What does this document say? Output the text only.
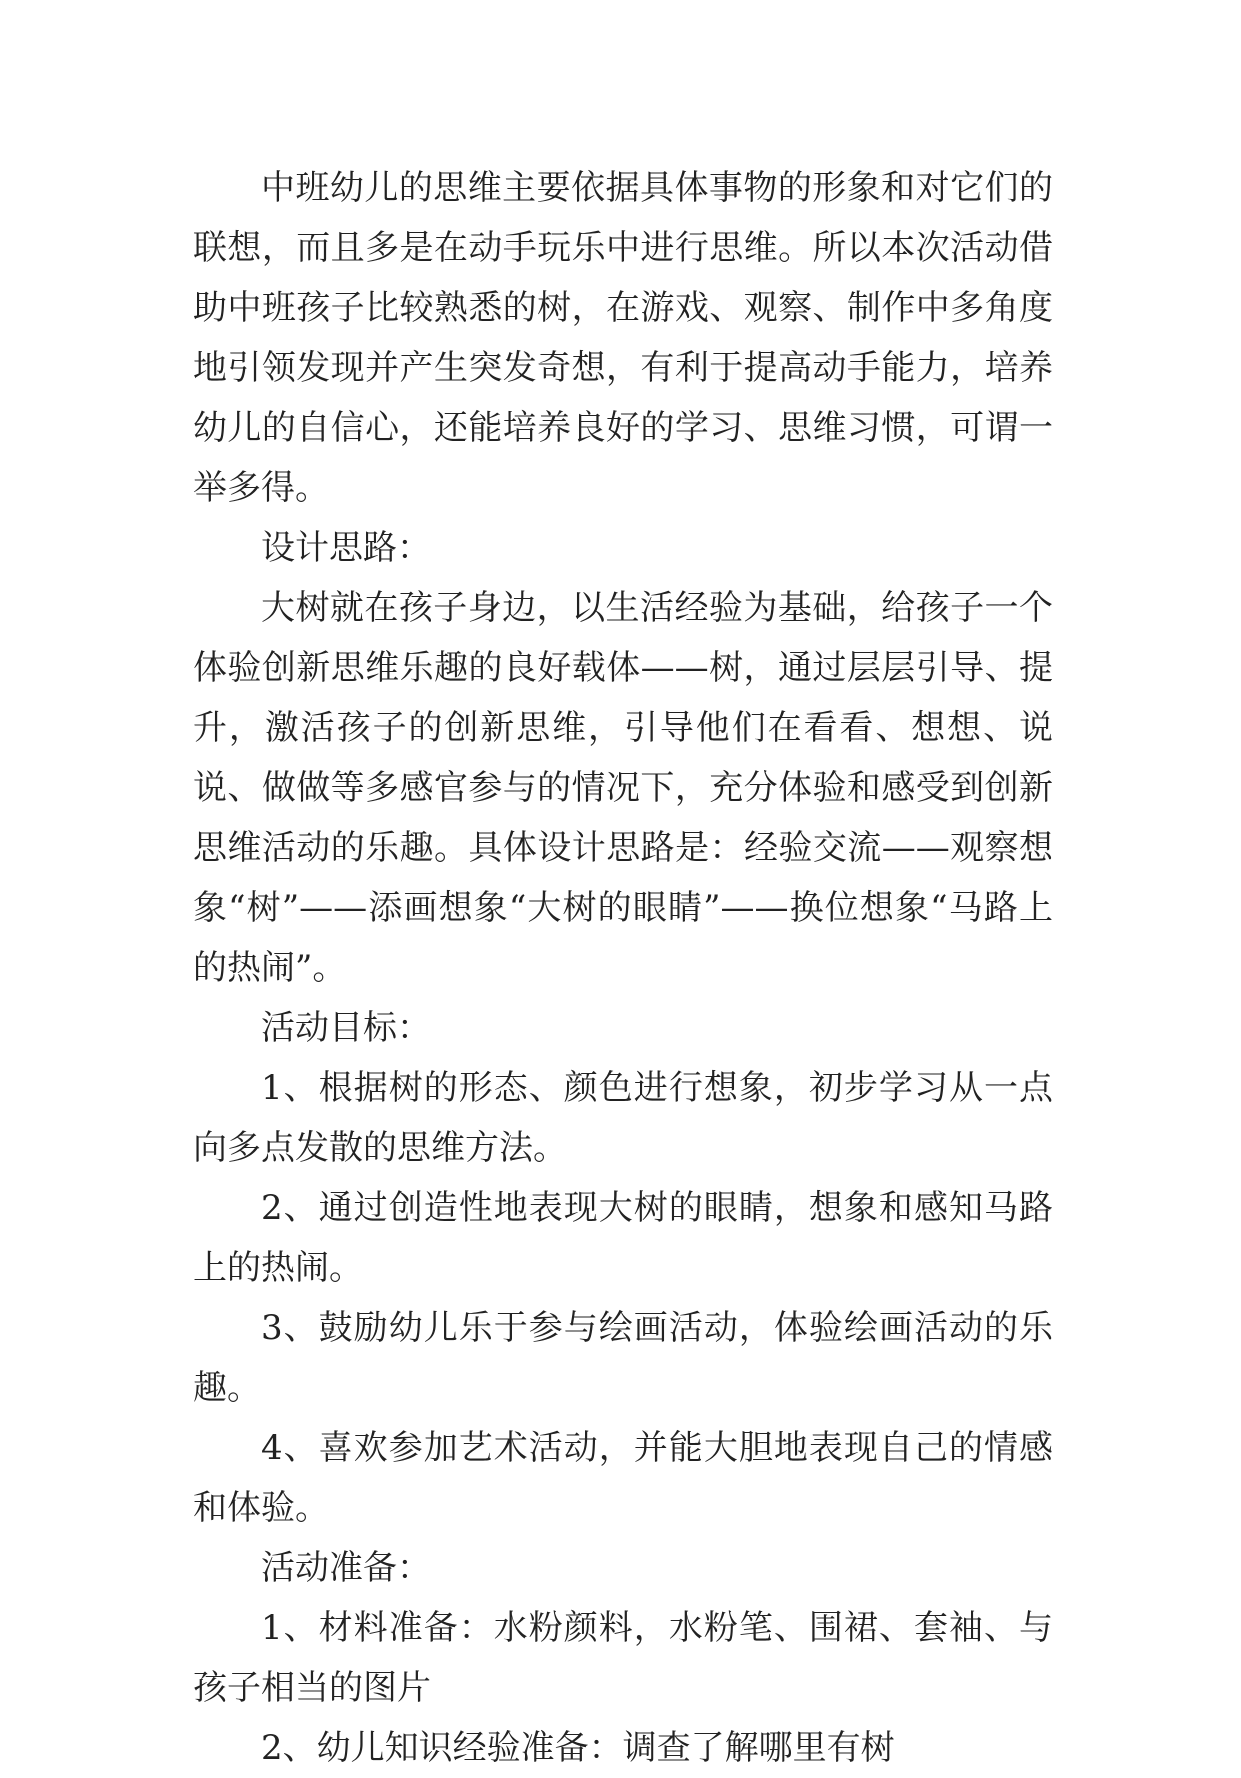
中班幼儿的思维主要依据具体事物的形象和对它们的联想，而且多是在动手玩乐中进行思维。所以本次活动借助中班孩子比较熟悉的树，在游戏、观察、制作中多角度地引领发现并产生突发奇想，有利于提高动手能力，培养幼儿的自信心，还能培养良好的学习、思维习惯，可谓一举多得。

设计思路：

大树就在孩子身边，以生活经验为基础，给孩子一个体验创新思维乐趣的良好载体——树，通过层层引导、提升，激活孩子的创新思维，引导他们在看看、想想、说说、做做等多感官参与的情况下，充分体验和感受到创新思维活动的乐趣。具体设计思路是：经验交流——观察想象“树”——添画想象“大树的眼睛”——换位想象“马路上的热闹”。

活动目标：

1、根据树的形态、颜色进行想象，初步学习从一点向多点发散的思维方法。

2、通过创造性地表现大树的眼睛，想象和感知马路上的热闹。

3、鼓励幼儿乐于参与绘画活动，体验绘画活动的乐趣。

4、喜欢参加艺术活动，并能大胆地表现自己的情感和体验。

活动准备：

1、材料准备：水粉颜料，水粉笔、围裙、套袖、与孩子相当的图片

2、幼儿知识经验准备：调查了解哪里有树
